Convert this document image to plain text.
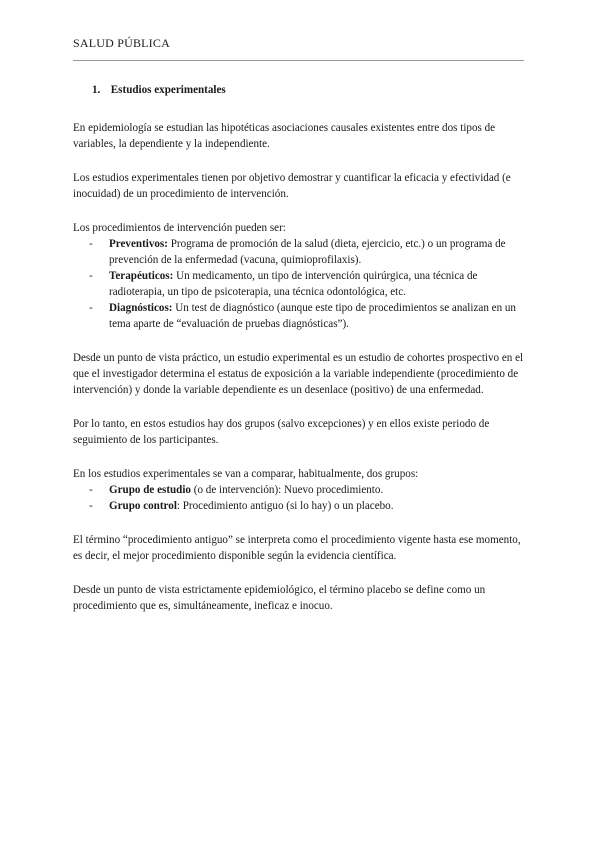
SALUD PÚBLICA
1. Estudios experimentales

En epidemiología se estudian las hipotéticas asociaciones causales existentes entre dos tipos de variables, la dependiente y la independiente.

Los estudios experimentales tienen por objetivo demostrar y cuantificar la eficacia y efectividad (e inocuidad) de un procedimiento de intervención.

Los procedimientos de intervención pueden ser:

- Preventivos: Programa de promoción de la salud (dieta, ejercicio, etc.) o un programa de prevención de la enfermedad (vacuna, quimioprofilaxis).
- Terapéuticos: Un medicamento, un tipo de intervención quirúrgica, una técnica de radioterapia, un tipo de psicoterapia, una técnica odontológica, etc.
- Diagnósticos: Un test de diagnóstico (aunque este tipo de procedimientos se analizan en un tema aparte de “evaluación de pruebas diagnósticas”).

Desde un punto de vista práctico, un estudio experimental es un estudio de cohortes prospectivo en el que el investigador determina el estatus de exposición a la variable independiente (procedimiento de intervención) y donde la variable dependiente es un desenlace (positivo) de una enfermedad.

Por lo tanto, en estos estudios hay dos grupos (salvo excepciones) y en ellos existe periodo de seguimiento de los participantes.

En los estudios experimentales se van a comparar, habitualmente, dos grupos:

- Grupo de estudio (o de intervención): Nuevo procedimiento.
- Grupo control: Procedimiento antiguo (si lo hay) o un placebo.

El término “procedimiento antiguo” se interpreta como el procedimiento vigente hasta ese momento, es decir, el mejor procedimiento disponible según la evidencia científica.

Desde un punto de vista estrictamente epidemiológico, el término placebo se define como un procedimiento que es, simultáneamente, ineficaz e inocuo.
